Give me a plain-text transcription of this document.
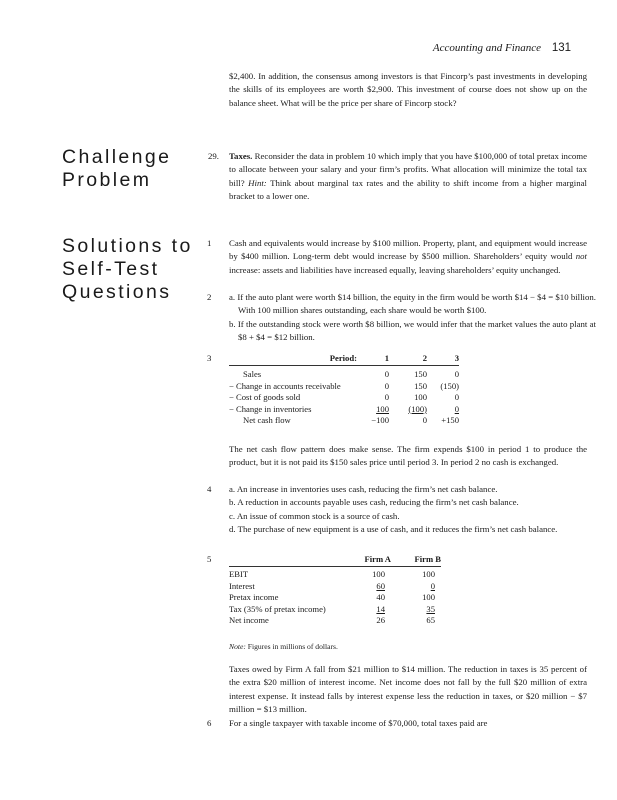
Accounting and Finance 131

$2,400. In addition, the consensus among investors is that Fincorp’s past investments in developing the skills of its employees are worth $2,900. This investment of course does not show up on the balance sheet. What will be the price per share of Fincorp stock?

Challenge
Problem
29. Taxes. Reconsider the data in problem 10 which imply that you have $100,000 of total pretax income to allocate between your salary and your firm’s profits. What allocation will minimize the total tax bill? Hint: Think about marginal tax rates and the ability to shift income from a higher marginal bracket to a lower one.

Solutions to
Self-Test
Questions
1 Cash and equivalents would increase by $100 million. Property, plant, and equipment would increase by $400 million. Long-term debt would increase by $500 million. Shareholders’ equity would not increase: assets and liabilities have increased equally, leaving shareholders’ equity unchanged.

2 a. If the auto plant were worth $14 billion, the equity in the firm would be worth $14 − $4 = $10 billion. With 100 million shares outstanding, each share would be worth $100.

b. If the outstanding stock were worth $8 billion, we would infer that the market values the auto plant at $8 + $4 = $12 billion.

3	Period:	1	2	3

Sales	0	150	0
− Change in accounts receivable	0	150	(150)
− Cost of goods sold	0	100	0
− Change in inventories	100	(100)	0
Net cash flow	−100	0	+150

The net cash flow pattern does make sense. The firm expends $100 in period 1 to produce the product, but it is not paid its $150 sales price until period 3. In period 2 no cash is exchanged.

4 a. An increase in inventories uses cash, reducing the firm’s net cash balance.

b. A reduction in accounts payable uses cash, reducing the firm’s net cash balance.

c. An issue of common stock is a source of cash.

d. The purchase of new equipment is a use of cash, and it reduces the firm’s net cash balance.

5
		Firm A	Firm B

EBIT	100	100
Interest	60	0
Pretax income	40	100
Tax (35% of pretax income)	14	35
Net income	26	65
Note: Figures in millions of dollars.

Taxes owed by Firm A fall from $21 million to $14 million. The reduction in taxes is 35 percent of the extra $20 million of interest income. Net income does not fall by the full $20 million of extra interest expense. It instead falls by interest expense less the reduction in taxes, or $20 million − $7 million = $13 million.

6 For a single taxpayer with taxable income of $70,000, total taxes paid are
